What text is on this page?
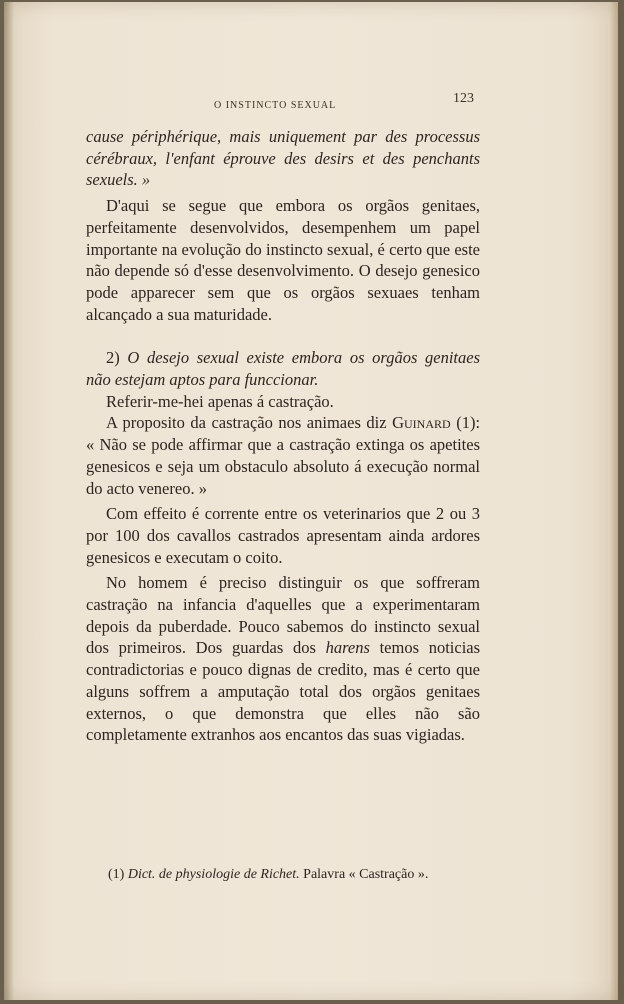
O INSTINCTO SEXUAL	123

cause périphérique, mais uniquement par des processus cérébraux, l'enfant éprouve des desirs et des penchants sexuels. »

D'aqui se segue que embora os orgãos genitaes, perfeitamente desenvolvidos, desempenhem um papel importante na evolução do instincto sexual, é certo que este não depende só d'esse desenvolvimento. O desejo genesico pode apparecer sem que os orgãos sexuaes tenham alcançado a sua maturidade.

2) O desejo sexual existe embora os orgãos genitaes não estejam aptos para funccionar.

Referir-me-hei apenas á castração.

A proposito da castração nos animaes diz Guinard (1): « Não se pode affirmar que a castração extinga os apetites genesicos e seja um obstaculo absoluto á execução normal do acto venereo. »

Com effeito é corrente entre os veterinarios que 2 ou 3 por 100 dos cavallos castrados apresentam ainda ardores genesicos e executam o coito.

No homem é preciso distinguir os que soffreram castração na infancia d'aquelles que a experimentaram depois da puberdade. Pouco sabemos do instincto sexual dos primeiros. Dos guardas dos harens temos noticias contradictorias e pouco dignas de credito, mas é certo que alguns soffrem a amputação total dos orgãos genitaes externos, o que demonstra que elles não são completamente extranhos aos encantos das suas vigiadas.

(1) Dict. de physiologie de Richet. Palavra « Castração ».
